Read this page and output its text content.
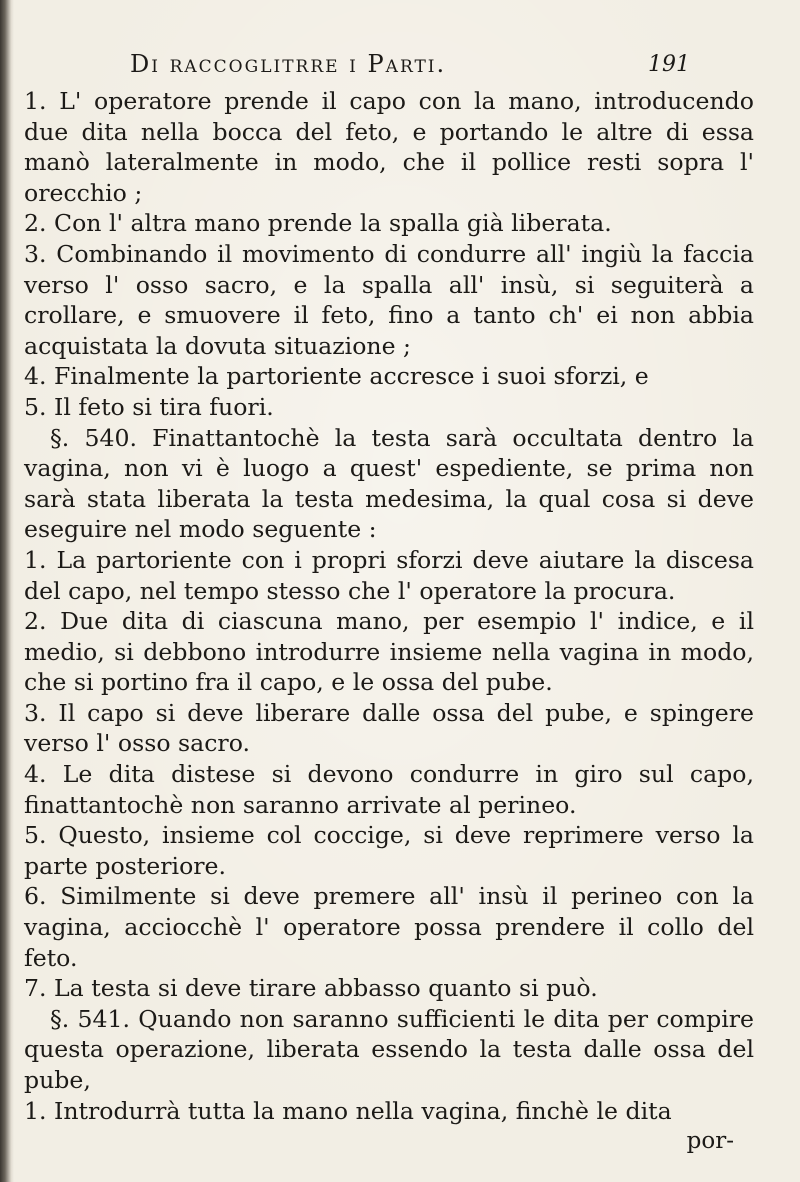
Di raccoglitrre i Parti.	191

1. L' operatore prende il capo con la mano, introducendo due dita nella bocca del feto, e portando le altre di essa manò lateralmente in modo, che il pollice resti sopra l' orecchio ;

2. Con l' altra mano prende la spalla già liberata.

3. Combinando il movimento di condurre all' ingiù la faccia verso l' osso sacro, e la spalla all' insù, si seguiterà a crollare, e smuovere il feto, fino a tanto ch' ei non abbia acquistata la dovuta situazione ;

4. Finalmente la partoriente accresce i suoi sforzi, e

5. Il feto si tira fuori.

§. 540. Finattantochè la testa sarà occultata dentro la vagina, non vi è luogo a quest' espediente, se prima non sarà stata liberata la testa medesima, la qual cosa si deve eseguire nel modo seguente :

1. La partoriente con i propri sforzi deve aiutare la discesa del capo, nel tempo stesso che l' operatore la procura.

2. Due dita di ciascuna mano, per esempio l' indice, e il medio, si debbono introdurre insieme nella vagina in modo, che si portino fra il capo, e le ossa del pube.

3. Il capo si deve liberare dalle ossa del pube, e spingere verso l' osso sacro.

4. Le dita distese si devono condurre in giro sul capo, finattantochè non saranno arrivate al perineo.

5. Questo, insieme col coccige, si deve reprimere verso la parte posteriore.

6. Similmente si deve premere all' insù il perineo con la vagina, acciocchè l' operatore possa prendere il collo del feto.

7. La testa si deve tirare abbasso quanto si può.

§. 541. Quando non saranno sufficienti le dita per compire questa operazione, liberata essendo la testa dalle ossa del pube,

1. Introdurrà tutta la mano nella vagina, finchè le dita

por-
